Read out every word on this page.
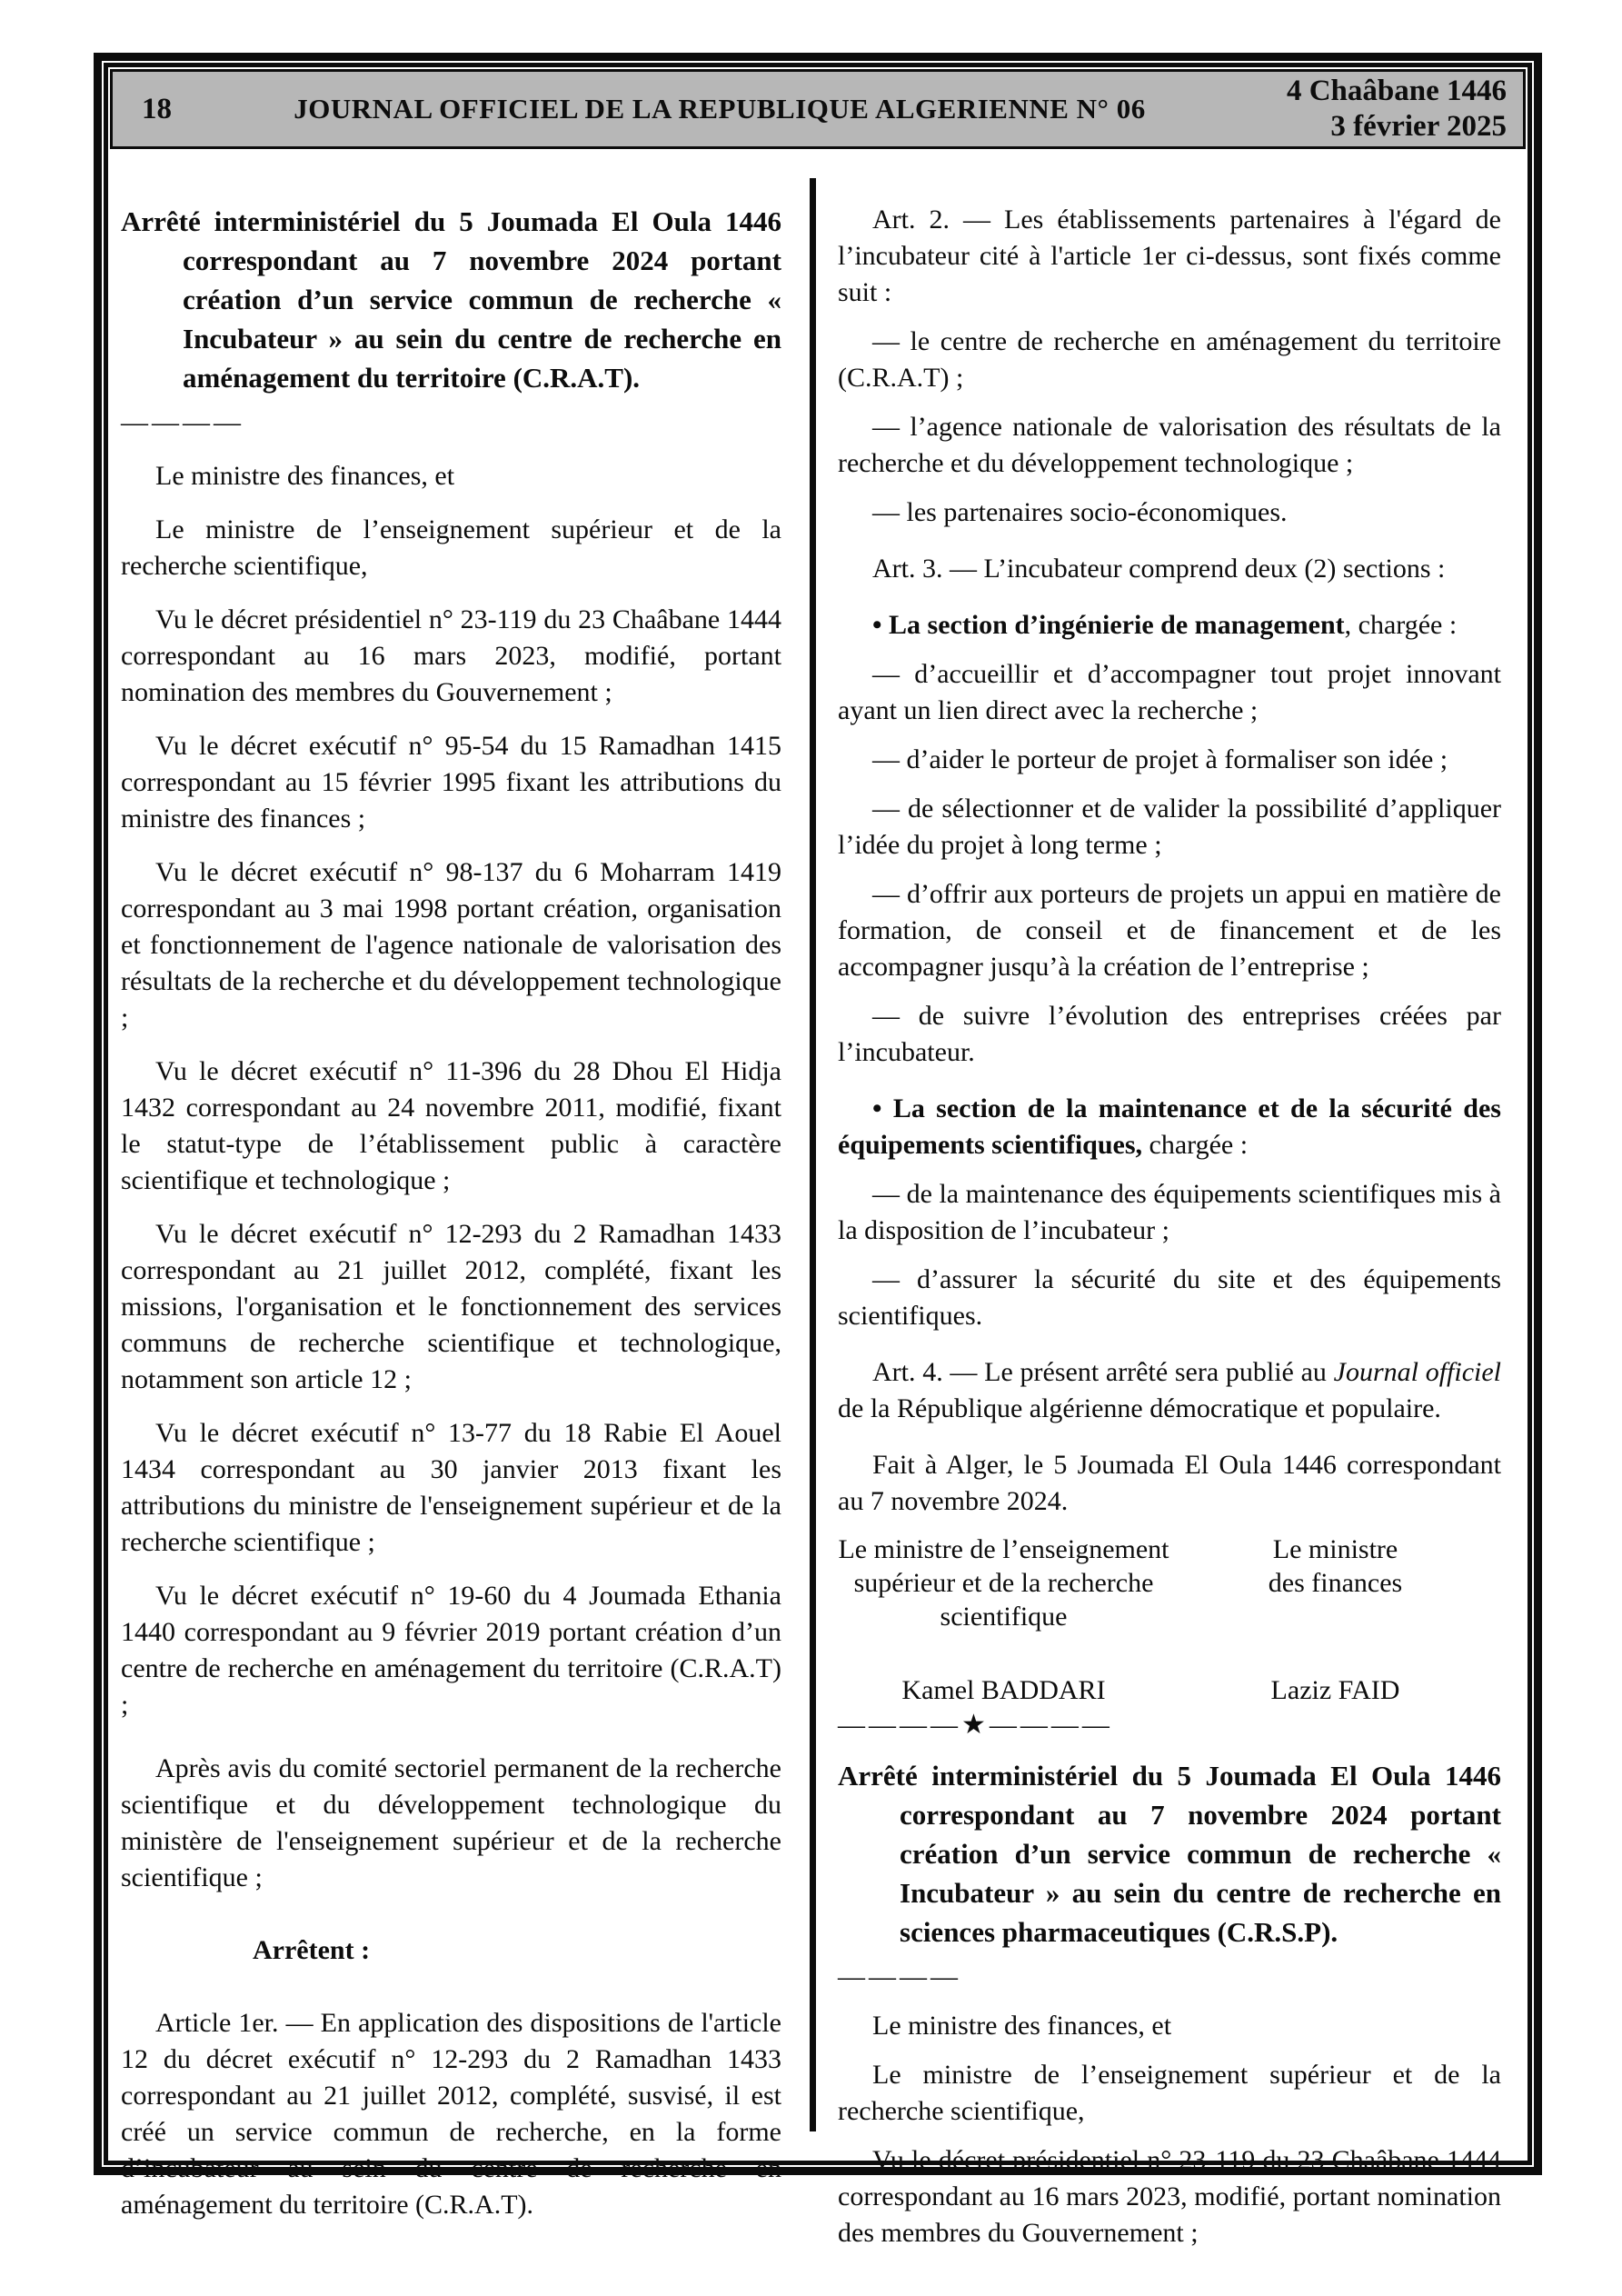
18	JOURNAL OFFICIEL DE LA REPUBLIQUE ALGERIENNE N° 06
4 Chaâbane 1446
3 février 2025
Arrêté interministériel du 5 Joumada El Oula 1446 correspondant au 7 novembre 2024 portant création d’un service commun de recherche « Incubateur » au sein du centre de recherche en aménagement du territoire (C.R.A.T).

————

Le ministre des finances, et

Le ministre de l’enseignement supérieur et de la recherche scientifique,

Vu le décret présidentiel n° 23-119 du 23 Chaâbane 1444 correspondant au 16 mars 2023, modifié, portant nomination des membres du Gouvernement ;

Vu le décret exécutif n° 95-54 du 15 Ramadhan 1415 correspondant au 15 février 1995 fixant les attributions du ministre des finances ;

Vu le décret exécutif n° 98-137 du 6 Moharram 1419 correspondant au 3 mai 1998 portant création, organisation et fonctionnement de l'agence nationale de valorisation des résultats de la recherche et du développement technologique ;

Vu le décret exécutif n° 11-396 du 28 Dhou El Hidja 1432 correspondant au 24 novembre 2011, modifié, fixant le statut-type de l’établissement public à caractère scientifique et technologique ;

Vu le décret exécutif n° 12-293 du 2 Ramadhan 1433 correspondant au 21 juillet 2012, complété, fixant les missions, l'organisation et le fonctionnement des services communs de recherche scientifique et technologique, notamment son article 12 ;

Vu le décret exécutif n° 13-77 du 18 Rabie El Aouel 1434 correspondant au 30 janvier 2013 fixant les attributions du ministre de l'enseignement supérieur et de la recherche scientifique ;

Vu le décret exécutif n° 19-60 du 4 Joumada Ethania 1440 correspondant au 9 février 2019 portant création d’un centre de recherche en aménagement du territoire (C.R.A.T) ;

Après avis du comité sectoriel permanent de la recherche scientifique et du développement technologique du ministère de l'enseignement supérieur et de la recherche scientifique ;

Arrêtent :

Article 1er. — En application des dispositions de l'article 12 du décret exécutif n° 12-293 du 2 Ramadhan 1433 correspondant au 21 juillet 2012, complété, susvisé, il est créé un service commun de recherche, en la forme d’incubateur au sein du centre de recherche en aménagement du territoire (C.R.A.T).

Art. 2. — Les établissements partenaires à l'égard de l’incubateur cité à l'article 1er ci-dessus, sont fixés comme suit :

— le centre de recherche en aménagement du territoire (C.R.A.T) ;

— l’agence nationale de valorisation des résultats de la recherche et du développement technologique ;

— les partenaires socio-économiques.

Art. 3. — L’incubateur comprend deux (2) sections :

• La section d’ingénierie de management, chargée :

— d’accueillir et d’accompagner tout projet innovant ayant un lien direct avec la recherche ;

— d’aider le porteur de projet à formaliser son idée ;

— de sélectionner et de valider la possibilité d’appliquer l’idée du projet à long terme ;

— d’offrir aux porteurs de projets un appui en matière de formation, de conseil et de financement et de les accompagner jusqu’à la création de l’entreprise ;

— de suivre l’évolution des entreprises créées par l’incubateur.

• La section de la maintenance et de la sécurité des équipements scientifiques, chargée :

— de la maintenance des équipements scientifiques mis à la disposition de l’incubateur ;

— d’assurer la sécurité du site et des équipements scientifiques.

Art. 4. — Le présent arrêté sera publié au Journal officiel de la République algérienne démocratique et populaire.

Fait à Alger, le 5 Joumada El Oula 1446 correspondant au 7 novembre 2024.

Le ministre de l’enseignement
supérieur et de la recherche
scientifique
Le ministre
des finances
Kamel BADDARI	Laziz FAID

————★————

Arrêté interministériel du 5 Joumada El Oula 1446 correspondant au 7 novembre 2024 portant création d’un service commun de recherche « Incubateur » au sein du centre de recherche en sciences pharmaceutiques (C.R.S.P).

————

Le ministre des finances, et

Le ministre de l’enseignement supérieur et de la recherche scientifique,

Vu le décret présidentiel n° 23-119 du 23 Chaâbane 1444 correspondant au 16 mars 2023, modifié, portant nomination des membres du Gouvernement ;
